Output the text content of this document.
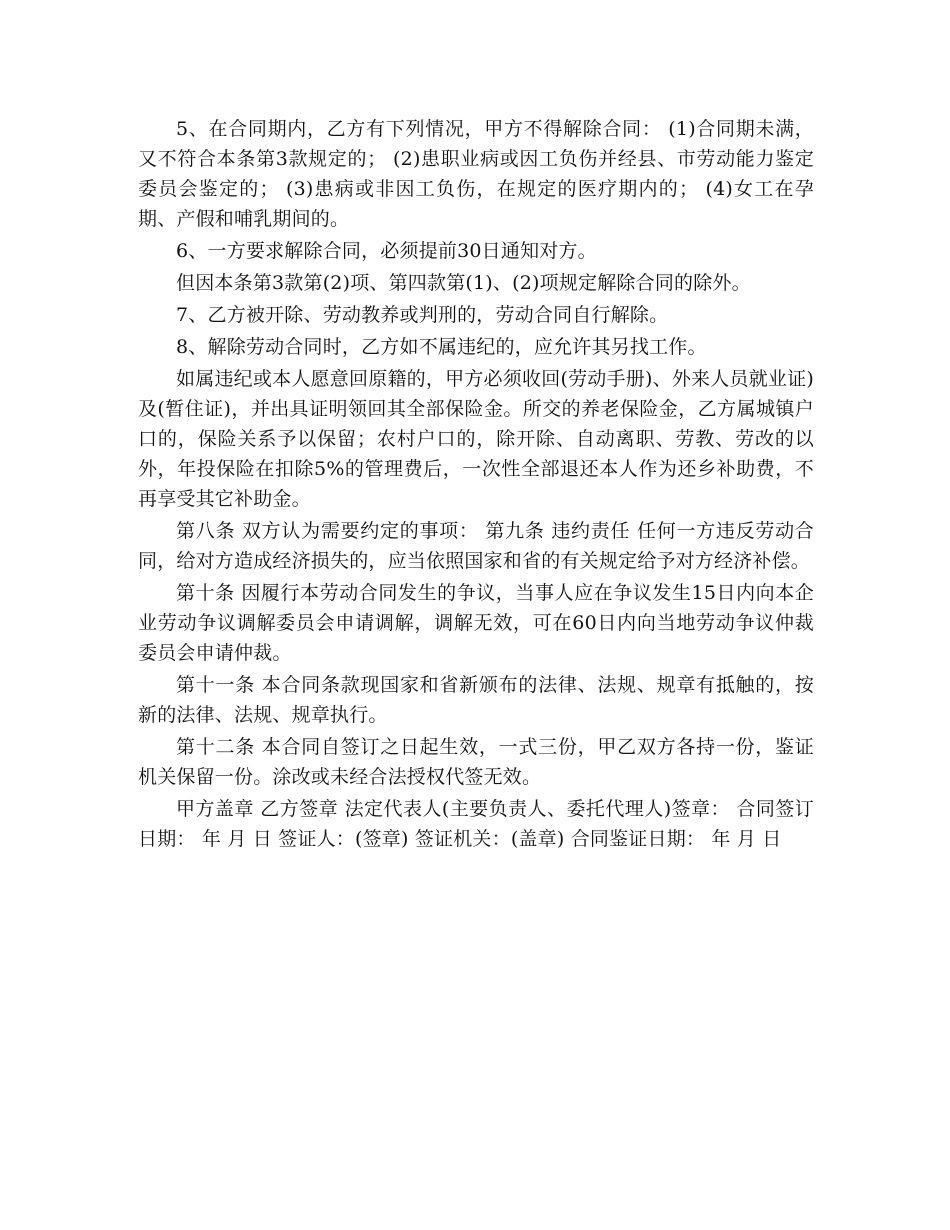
5、在合同期内，乙方有下列情况，甲方不得解除合同： (1)合同期未满，又不符合本条第3款规定的； (2)患职业病或因工负伤并经县、市劳动能力鉴定委员会鉴定的； (3)患病或非因工负伤，在规定的医疗期内的； (4)女工在孕期、产假和哺乳期间的。

6、一方要求解除合同，必须提前30日通知对方。

但因本条第3款第(2)项、第四款第(1)、(2)项规定解除合同的除外。

7、乙方被开除、劳动教养或判刑的，劳动合同自行解除。

8、解除劳动合同时，乙方如不属违纪的，应允许其另找工作。

如属违纪或本人愿意回原籍的，甲方必须收回(劳动手册)、外来人员就业证)及(暂住证)，并出具证明领回其全部保险金。所交的养老保险金，乙方属城镇户口的，保险关系予以保留；农村户口的，除开除、自动离职、劳教、劳改的以外，年投保险在扣除5%的管理费后，一次性全部退还本人作为还乡补助费，不再享受其它补助金。

第八条 双方认为需要约定的事项： 第九条 违约责任 任何一方违反劳动合同，给对方造成经济损失的，应当依照国家和省的有关规定给予对方经济补偿。

第十条 因履行本劳动合同发生的争议，当事人应在争议发生15日内向本企业劳动争议调解委员会申请调解，调解无效，可在60日内向当地劳动争议仲裁委员会申请仲裁。

第十一条 本合同条款现国家和省新颁布的法律、法规、规章有抵触的，按新的法律、法规、规章执行。

第十二条 本合同自签订之日起生效，一式三份，甲乙双方各持一份，鉴证机关保留一份。涂改或未经合法授权代签无效。

甲方盖章 乙方签章 法定代表人(主要负责人、委托代理人)签章： 合同签订日期： 年 月 日 签证人：(签章) 签证机关：(盖章) 合同鉴证日期： 年 月 日
